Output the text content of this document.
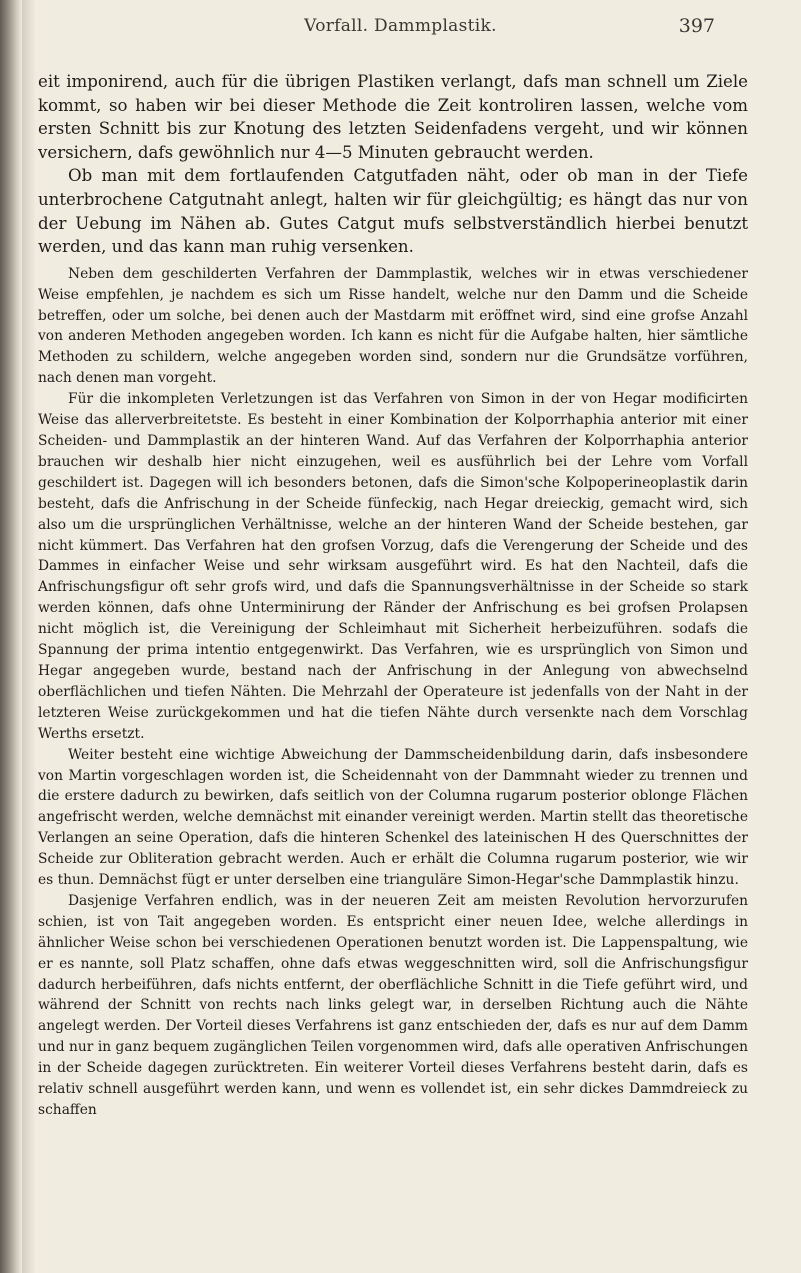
Vorfall. Dammplastik.	397

eit imponirend, auch für die übrigen Plastiken verlangt, dafs man schnell um Ziele kommt, so haben wir bei dieser Methode die Zeit kontroliren lassen, welche vom ersten Schnitt bis zur Knotung des letzten Seidenfadens vergeht, und wir können versichern, dafs gewöhnlich nur 4—5 Minuten gebraucht werden.

Ob man mit dem fortlaufenden Catgutfaden näht, oder ob man in der Tiefe unterbrochene Catgutnaht anlegt, halten wir für gleichgültig; es hängt das nur von der Uebung im Nähen ab. Gutes Catgut mufs selbstverständlich hierbei benutzt werden, und das kann man ruhig versenken.

Neben dem geschilderten Verfahren der Dammplastik, welches wir in etwas verschiedener Weise empfehlen, je nachdem es sich um Risse handelt, welche nur den Damm und die Scheide betreffen, oder um solche, bei denen auch der Mastdarm mit eröffnet wird, sind eine grofse Anzahl von anderen Methoden angegeben worden. Ich kann es nicht für die Aufgabe halten, hier sämtliche Methoden zu schildern, welche angegeben worden sind, sondern nur die Grundsätze vorführen, nach denen man vorgeht.

Für die inkompleten Verletzungen ist das Verfahren von Simon in der von Hegar modificirten Weise das allerverbreitetste. Es besteht in einer Kombination der Kolporrhaphia anterior mit einer Scheiden- und Dammplastik an der hinteren Wand. Auf das Verfahren der Kolporrhaphia anterior brauchen wir deshalb hier nicht einzugehen, weil es ausführlich bei der Lehre vom Vorfall geschildert ist. Dagegen will ich besonders betonen, dafs die Simon'sche Kolpoperineoplastik darin besteht, dafs die Anfrischung in der Scheide fünfeckig, nach Hegar dreieckig, gemacht wird, sich also um die ursprünglichen Verhältnisse, welche an der hinteren Wand der Scheide bestehen, gar nicht kümmert. Das Verfahren hat den grofsen Vorzug, dafs die Verengerung der Scheide und des Dammes in einfacher Weise und sehr wirksam ausgeführt wird. Es hat den Nachteil, dafs die Anfrischungsfigur oft sehr grofs wird, und dafs die Spannungsverhältnisse in der Scheide so stark werden können, dafs ohne Unterminirung der Ränder der Anfrischung es bei grofsen Prolapsen nicht möglich ist, die Vereinigung der Schleimhaut mit Sicherheit herbeizuführen. sodafs die Spannung der prima intentio entgegenwirkt. Das Verfahren, wie es ursprünglich von Simon und Hegar angegeben wurde, bestand nach der Anfrischung in der Anlegung von abwechselnd oberflächlichen und tiefen Nähten. Die Mehrzahl der Operateure ist jedenfalls von der Naht in der letzteren Weise zurückgekommen und hat die tiefen Nähte durch versenkte nach dem Vorschlag Werths ersetzt.

Weiter besteht eine wichtige Abweichung der Dammscheidenbildung darin, dafs insbesondere von Martin vorgeschlagen worden ist, die Scheidennaht von der Dammnaht wieder zu trennen und die erstere dadurch zu bewirken, dafs seitlich von der Columna rugarum posterior oblonge Flächen angefrischt werden, welche demnächst mit einander vereinigt werden. Martin stellt das theoretische Verlangen an seine Operation, dafs die hinteren Schenkel des lateinischen H des Querschnittes der Scheide zur Obliteration gebracht werden. Auch er erhält die Columna rugarum posterior, wie wir es thun. Demnächst fügt er unter derselben eine trianguläre Simon-Hegar'sche Dammplastik hinzu.

Dasjenige Verfahren endlich, was in der neueren Zeit am meisten Revolution hervorzurufen schien, ist von Tait angegeben worden. Es entspricht einer neuen Idee, welche allerdings in ähnlicher Weise schon bei verschiedenen Operationen benutzt worden ist. Die Lappenspaltung, wie er es nannte, soll Platz schaffen, ohne dafs etwas weggeschnitten wird, soll die Anfrischungsfigur dadurch herbeiführen, dafs nichts entfernt, der oberflächliche Schnitt in die Tiefe geführt wird, und während der Schnitt von rechts nach links gelegt war, in derselben Richtung auch die Nähte angelegt werden. Der Vorteil dieses Verfahrens ist ganz entschieden der, dafs es nur auf dem Damm und nur in ganz bequem zugänglichen Teilen vorgenommen wird, dafs alle operativen Anfrischungen in der Scheide dagegen zurücktreten. Ein weiterer Vorteil dieses Verfahrens besteht darin, dafs es relativ schnell ausgeführt werden kann, und wenn es vollendet ist, ein sehr dickes Dammdreieck zu schaffen
